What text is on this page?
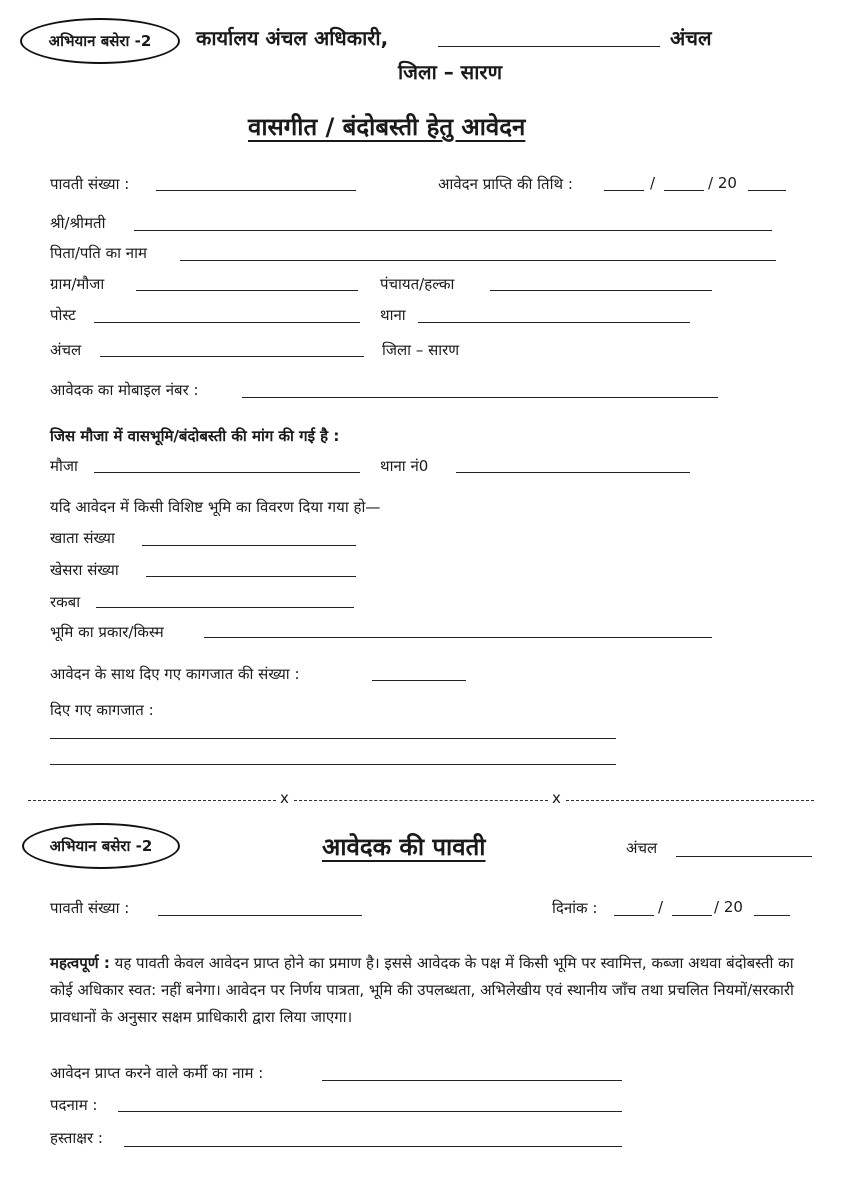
अभियान बसेरा -2 कार्यालय अंचल अधिकारी,	अंचल
जिला – सारण
वासगीत / बंदोबस्ती हेतु आवेदन
पावती संख्या :	आवेदन प्राप्ति की तिथि :	/	/ 20
श्री/श्रीमती
पिता/पति का नाम
ग्राम/मौजा	पंचायत/हल्का
पोस्ट	थाना
अंचल	जिला – सारण
आवेदक का मोबाइल नंबर :
जिस मौजा में वासभूमि/बंदोबस्ती की मांग की गई है :
मौजा	थाना नं0
यदि आवेदन में किसी विशिष्ट भूमि का विवरण दिया गया हो—
खाता संख्या
खेसरा संख्या
रकबा
भूमि का प्रकार/किस्म
आवेदन के साथ दिए गए कागजात की संख्या :
दिए गए कागजात :
x	x
अभियान बसेरा -2	आवेदक की पावती	अंचल
पावती संख्या :	दिनांक :	/	/ 20
महत्वपूर्ण : यह पावती केवल आवेदन प्राप्त होने का प्रमाण है। इससे आवेदक के पक्ष में किसी भूमि पर स्वामित्त, कब्जा अथवा बंदोबस्ती का कोई अधिकार स्वत: नहीं बनेगा। आवेदन पर निर्णय पात्रता, भूमि की उपलब्धता, अभिलेखीय एवं स्थानीय जाँच तथा प्रचलित नियमों/सरकारी प्रावधानों के अनुसार सक्षम प्राधिकारी द्वारा लिया जाएगा।
आवेदन प्राप्त करने वाले कर्मी का नाम :
पदनाम :
हस्ताक्षर :
